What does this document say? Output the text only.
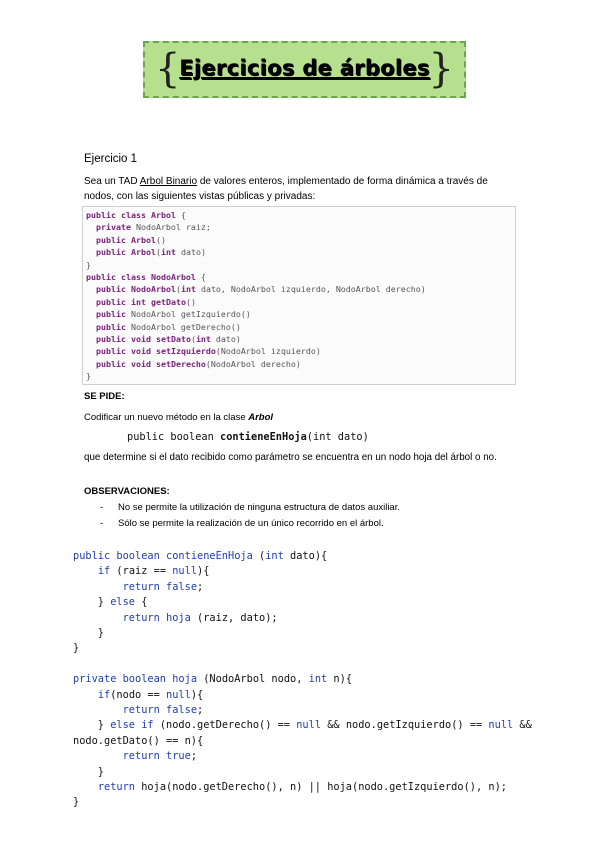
{
Ejercicios de árboles
}
Ejercicio 1
Sea un TAD Arbol Binario de valores enteros, implementado de forma dinámica a través de nodos, con las siguientes vistas públicas y privadas:
public class Arbol {
private NodoArbol raiz;
public Arbol()
public Arbol(int dato)
}
public class NodoArbol {
public NodoArbol(int dato, NodoArbol izquierdo, NodoArbol derecho)
public int getDato()
public NodoArbol getIzquierdo()
public NodoArbol getDerecho()
public void setDato(int dato)
public void setIzquierdo(NodoArbol izquierdo)
public void setDerecho(NodoArbol derecho)
}
SE PIDE:
Codificar un nuevo método en la clase Arbol
public boolean contieneEnHoja(int dato)
que determine si el dato recibido como parámetro se encuentra en un nodo hoja del árbol o no.
OBSERVACIONES:
- No se permite la utilización de ninguna estructura de datos auxiliar.
- Sólo se permite la realización de un único recorrido en el árbol.
public boolean contieneEnHoja (int dato){
if (raiz == null){
return false;
} else {
return hoja (raiz, dato);
}
}
private boolean hoja (NodoArbol nodo, int n){
if(nodo == null){
return false;
} else if (nodo.getDerecho() == null && nodo.getIzquierdo() == null &&
nodo.getDato() == n){
return true;
}
return hoja(nodo.getDerecho(), n) || hoja(nodo.getIzquierdo(), n);
}
